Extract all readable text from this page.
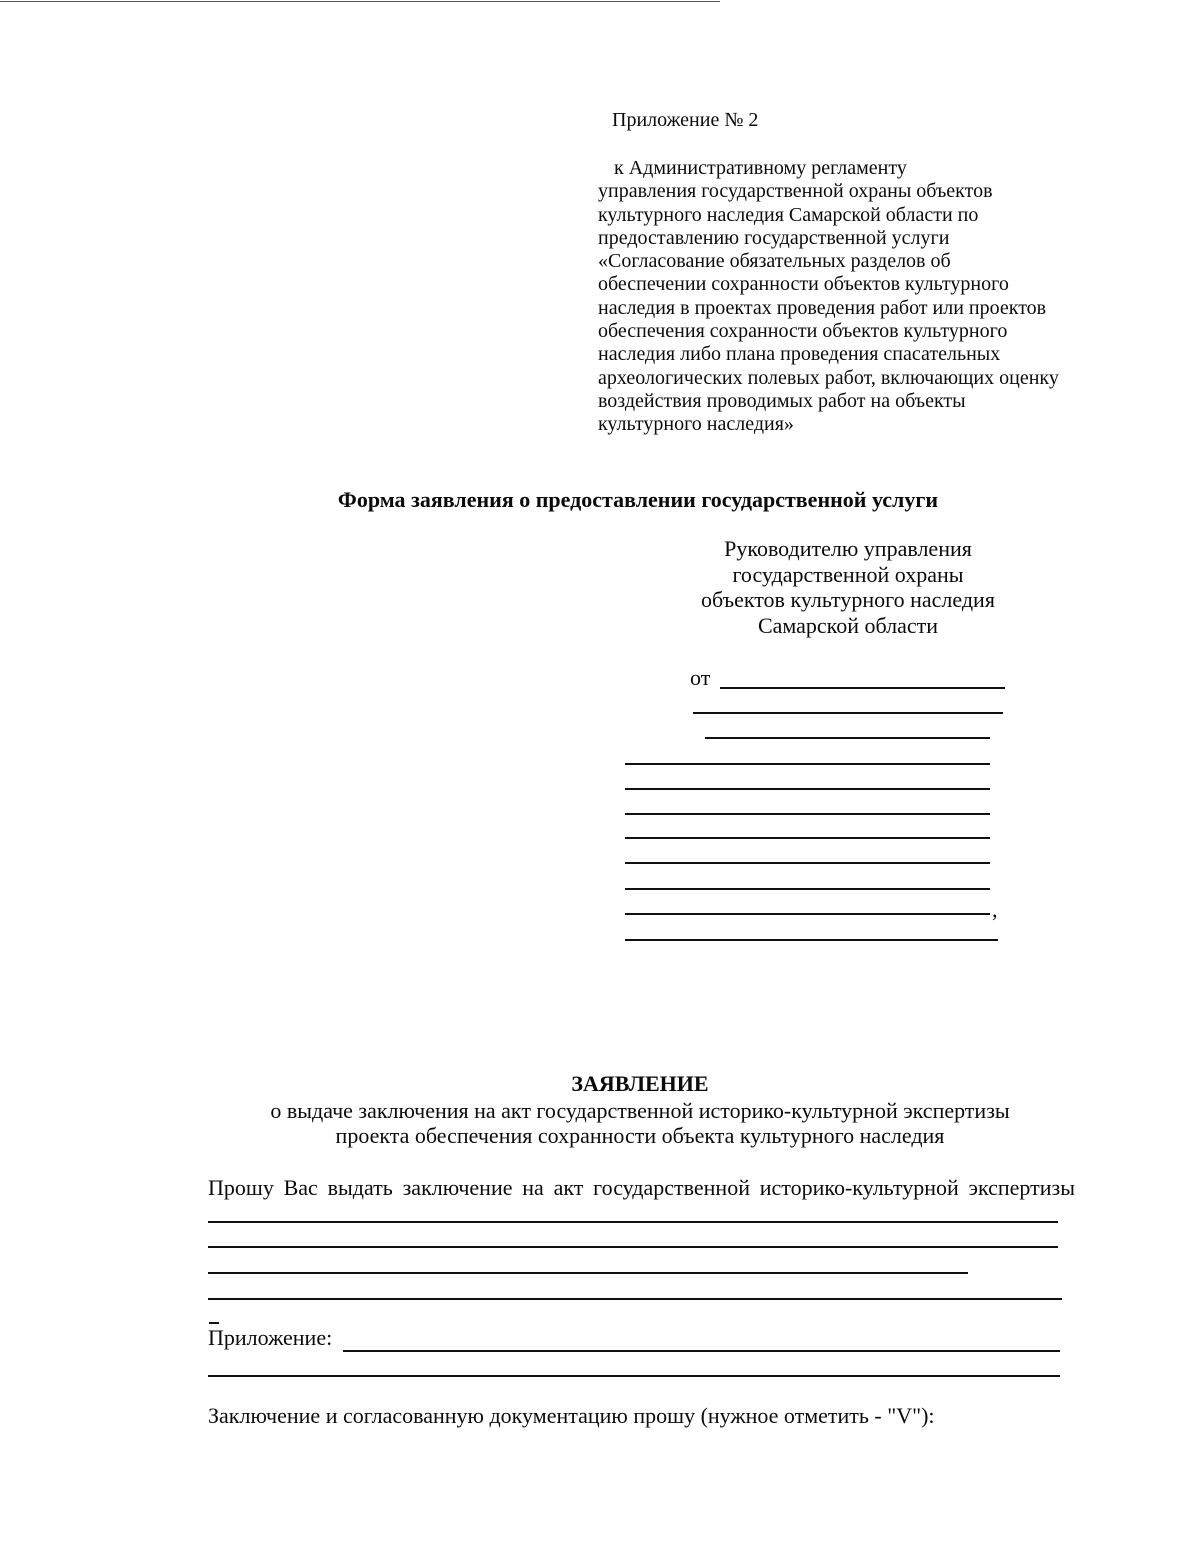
Приложение № 2
к Административному регламенту
управления государственной охраны объектов
культурного наследия Самарской области по
предоставлению государственной услуги
«Согласование обязательных разделов об
обеспечении сохранности объектов культурного
наследия в проектах проведения работ или проектов
обеспечения сохранности объектов культурного
наследия либо плана проведения спасательных
археологических полевых работ, включающих оценку
воздействия проводимых работ на объекты
культурного наследия»
Форма заявления о предоставлении государственной услуги
Руководителю управления
государственной охраны
объектов культурного наследия
Самарской области
от
,
ЗАЯВЛЕНИЕ
о выдаче заключения на акт государственной историко-культурной экспертизы
проекта обеспечения сохранности объекта культурного наследия
Прошу Вас выдать заключение на акт государственной историко-культурной экспертизы
Приложение:
Заключение и согласованную документацию прошу (нужное отметить - "V"):
